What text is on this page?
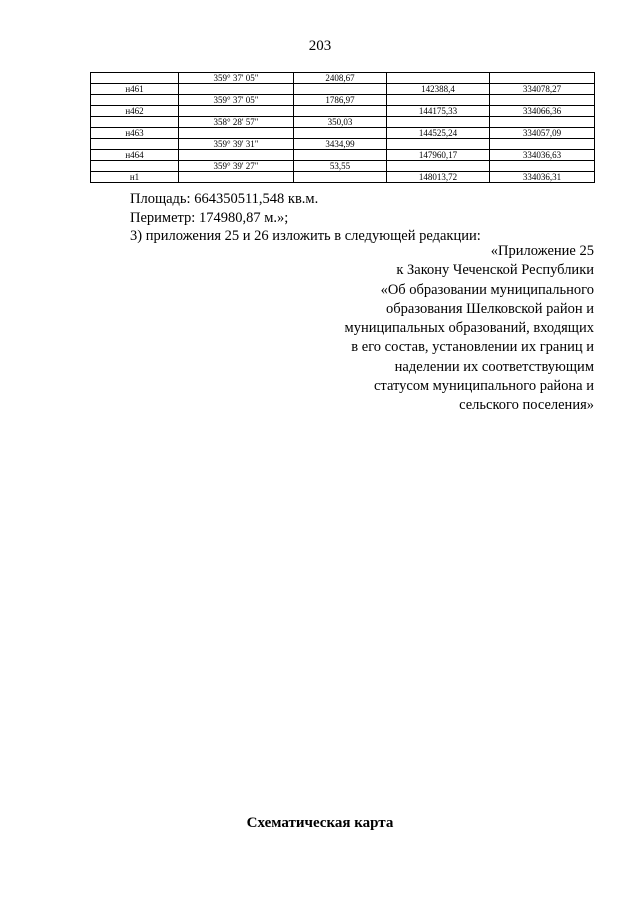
203
	359° 37' 05"	2408,67		
н461			142388,4	334078,27
	359° 37' 05"	1786,97		
н462			144175,33	334066,36
	358° 28' 57"	350,03		
н463			144525,24	334057,09
	359° 39' 31"	3434,99		
н464			147960,17	334036,63
	359° 39' 27"	53,55		
н1			148013,72	334036,31
Площадь: 664350511,548 кв.м.
Периметр: 174980,87 м.»;
3) приложения 25 и 26 изложить в следующей редакции:
«Приложение 25
к Закону Чеченской Республики
«Об образовании муниципального
образования Шелковской район и
муниципальных образований, входящих
в его состав, установлении их границ и
наделении их соответствующим
статусом муниципального района и
сельского поселения»
Схематическая карта
